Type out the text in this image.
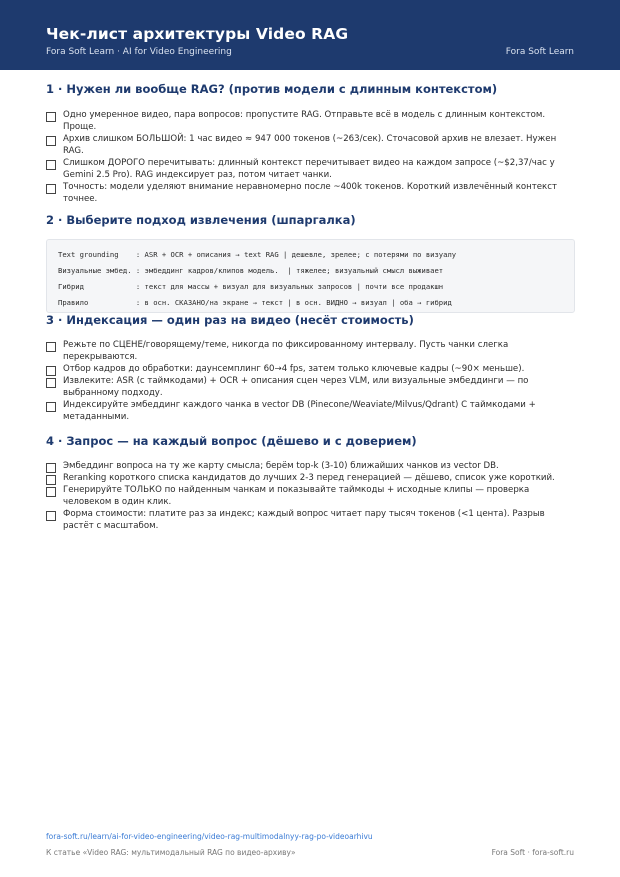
Чек-лист архитектуры Video RAG
Fora Soft Learn · AI for Video Engineering	Fora Soft Learn
1 · Нужен ли вообще RAG? (против модели с длинным контекстом)
Одно умеренное видео, пара вопросов: пропустите RAG. Отправьте всё в модель с длинным контекстом. Проще.
Архив слишком БОЛЬШОЙ: 1 час видео ≈ 947 000 токенов (~263/сек). Сточасовой архив не влезает. Нужен RAG.
Слишком ДОРОГО перечитывать: длинный контекст перечитывает видео на каждом запросе (~$2,37/час у Gemini 2.5 Pro). RAG индексирует раз, потом читает чанки.
Точность: модели уделяют внимание неравномерно после ~400k токенов. Короткий извлечённый контекст точнее.
2 · Выберите подход извлечения (шпаргалка)
Text grounding    : ASR + OCR + описания → text RAG | дешевле, зрелее; с потерями по визуалу
Визуальные эмбед. : эмбеддинг кадров/клипов модель.  | тяжелее; визуальный смысл выживает
Гибрид            : текст для массы + визуал для визуальных запросов | почти все продакшн
Правило           : в осн. СКАЗАНО/на экране → текст | в осн. ВИДНО → визуал | оба → гибрид
3 · Индексация — один раз на видео (несёт стоимость)
Режьте по СЦЕНЕ/говорящему/теме, никогда по фиксированному интервалу. Пусть чанки слегка перекрываются.
Отбор кадров до обработки: даунсемплинг 60→4 fps, затем только ключевые кадры (~90× меньше).
Извлеките: ASR (с таймкодами) + OCR + описания сцен через VLM, или визуальные эмбеддинги — по выбранному подходу.
Индексируйте эмбеддинг каждого чанка в vector DB (Pinecone/Weaviate/Milvus/Qdrant) С таймкодами + метаданными.
4 · Запрос — на каждый вопрос (дёшево и с доверием)
Эмбеддинг вопроса на ту же карту смысла; берём top-k (3-10) ближайших чанков из vector DB.
Reranking короткого списка кандидатов до лучших 2-3 перед генерацией — дёшево, список уже короткий.
Генерируйте ТОЛЬКО по найденным чанкам и показывайте таймкоды + исходные клипы — проверка человеком в один клик.
Форма стоимости: платите раз за индекс; каждый вопрос читает пару тысяч токенов (<1 цента). Разрыв растёт с масштабом.
fora-soft.ru/learn/ai-for-video-engineering/video-rag-multimodalnyy-rag-po-videoarhivu
К статье «Video RAG: мультимодальный RAG по видео-архиву»	Fora Soft · fora-soft.ru
